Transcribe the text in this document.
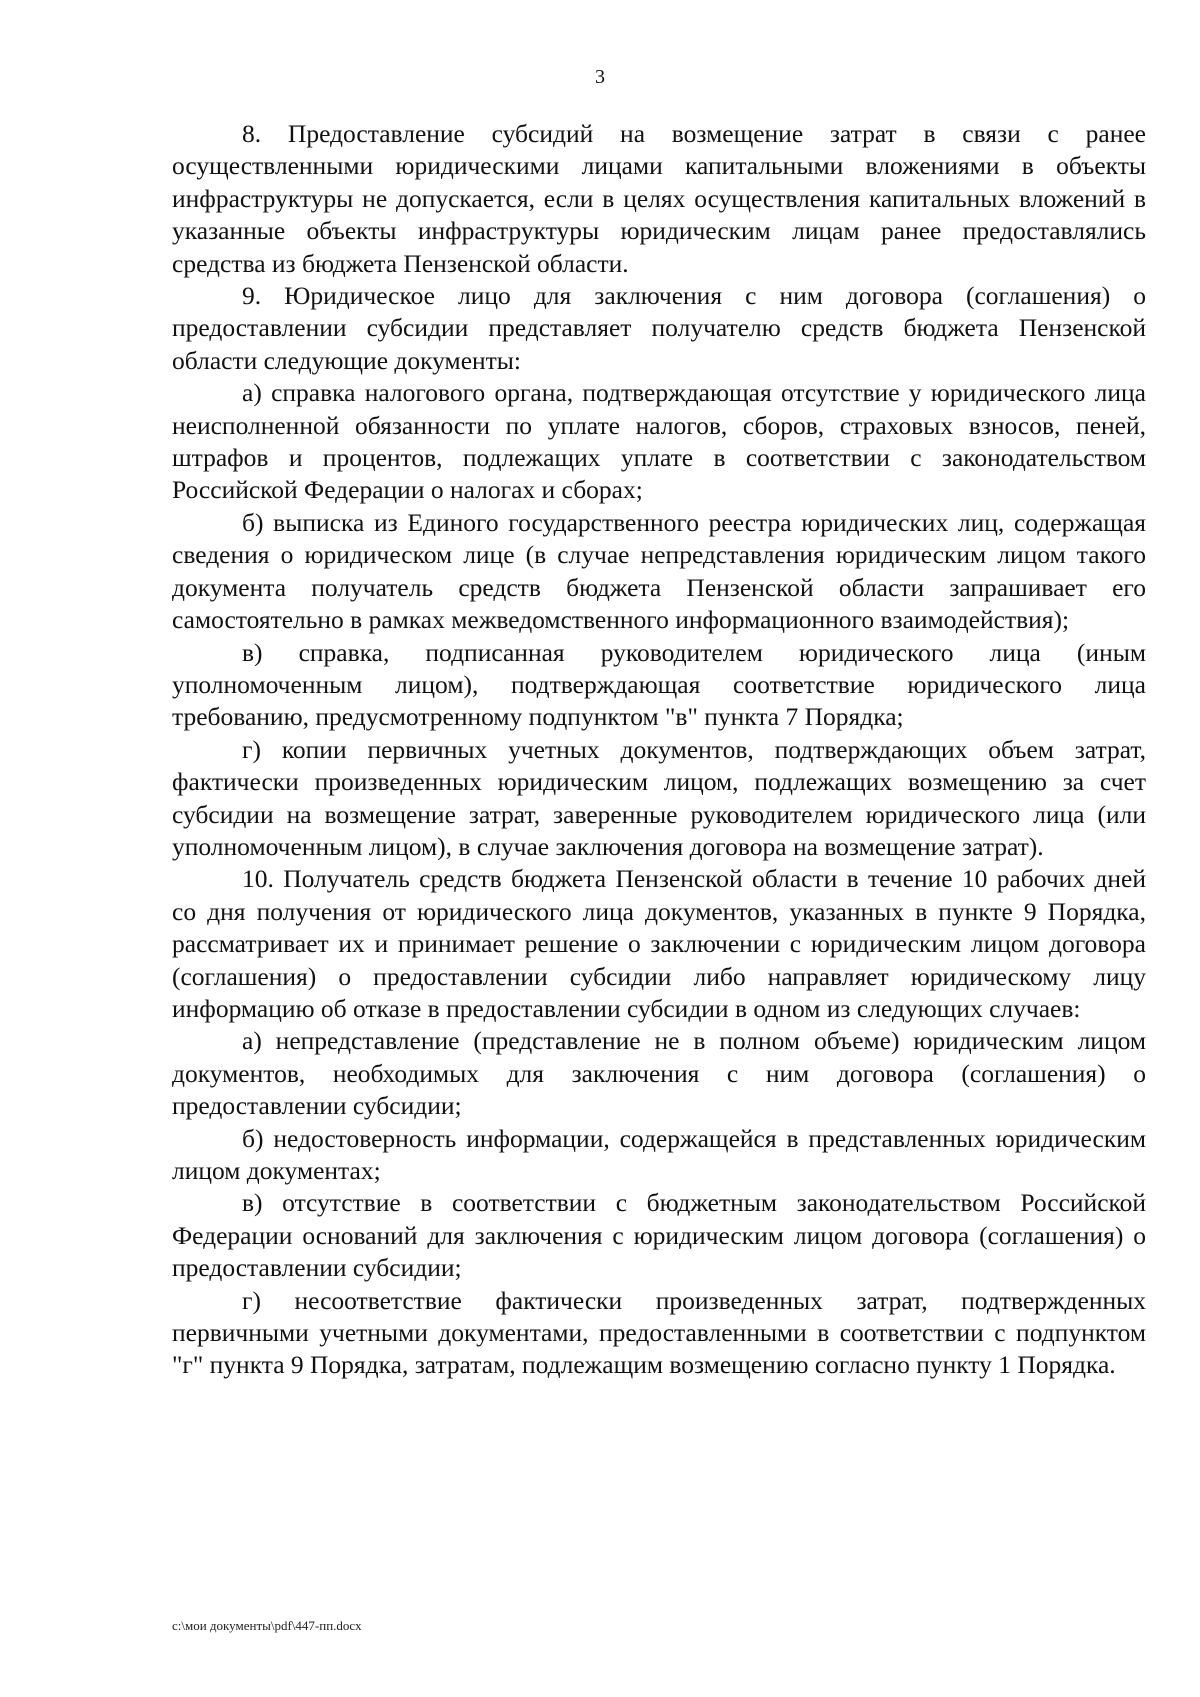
3

8. Предоставление субсидий на возмещение затрат в связи с ранее осуществленными юридическими лицами капитальными вложениями в объекты инфраструктуры не допускается, если в целях осуществления капитальных вложений в указанные объекты инфраструктуры юридическим лицам ранее предоставлялись средства из бюджета Пензенской области.

9. Юридическое лицо для заключения с ним договора (соглашения) о предоставлении субсидии представляет получателю средств бюджета Пензенской области следующие документы:

а) справка налогового органа, подтверждающая отсутствие у юридического лица неисполненной обязанности по уплате налогов, сборов, страховых взносов, пеней, штрафов и процентов, подлежащих уплате в соответствии с законодательством Российской Федерации о налогах и сборах;

б) выписка из Единого государственного реестра юридических лиц, содержащая сведения о юридическом лице (в случае непредставления юридическим лицом такого документа получатель средств бюджета Пензенской области запрашивает его самостоятельно в рамках межведомственного информационного взаимодействия);

в) справка, подписанная руководителем юридического лица (иным уполномоченным лицом), подтверждающая соответствие юридического лица требованию, предусмотренному подпунктом "в" пункта 7 Порядка;

г) копии первичных учетных документов, подтверждающих объем затрат, фактически произведенных юридическим лицом, подлежащих возмещению за счет субсидии на возмещение затрат, заверенные руководителем юридического лица (или уполномоченным лицом), в случае заключения договора на возмещение затрат).

10. Получатель средств бюджета Пензенской области в течение 10 рабочих дней со дня получения от юридического лица документов, указанных в пункте 9 Порядка, рассматривает их и принимает решение о заключении с юридическим лицом договора (соглашения) о предоставлении субсидии либо направляет юридическому лицу информацию об отказе в предоставлении субсидии в одном из следующих случаев:

а) непредставление (представление не в полном объеме) юридическим лицом документов, необходимых для заключения с ним договора (соглашения) о предоставлении субсидии;

б) недостоверность информации, содержащейся в представленных юридическим лицом документах;

в) отсутствие в соответствии с бюджетным законодательством Российской Федерации оснований для заключения с юридическим лицом договора (соглашения) о предоставлении субсидии;

г) несоответствие фактически произведенных затрат, подтвержденных первичными учетными документами, предоставленными в соответствии с подпунктом "г" пункта 9 Порядка, затратам, подлежащим возмещению согласно пункту 1 Порядка.

c:\мои документы\pdf\447-пп.docx
